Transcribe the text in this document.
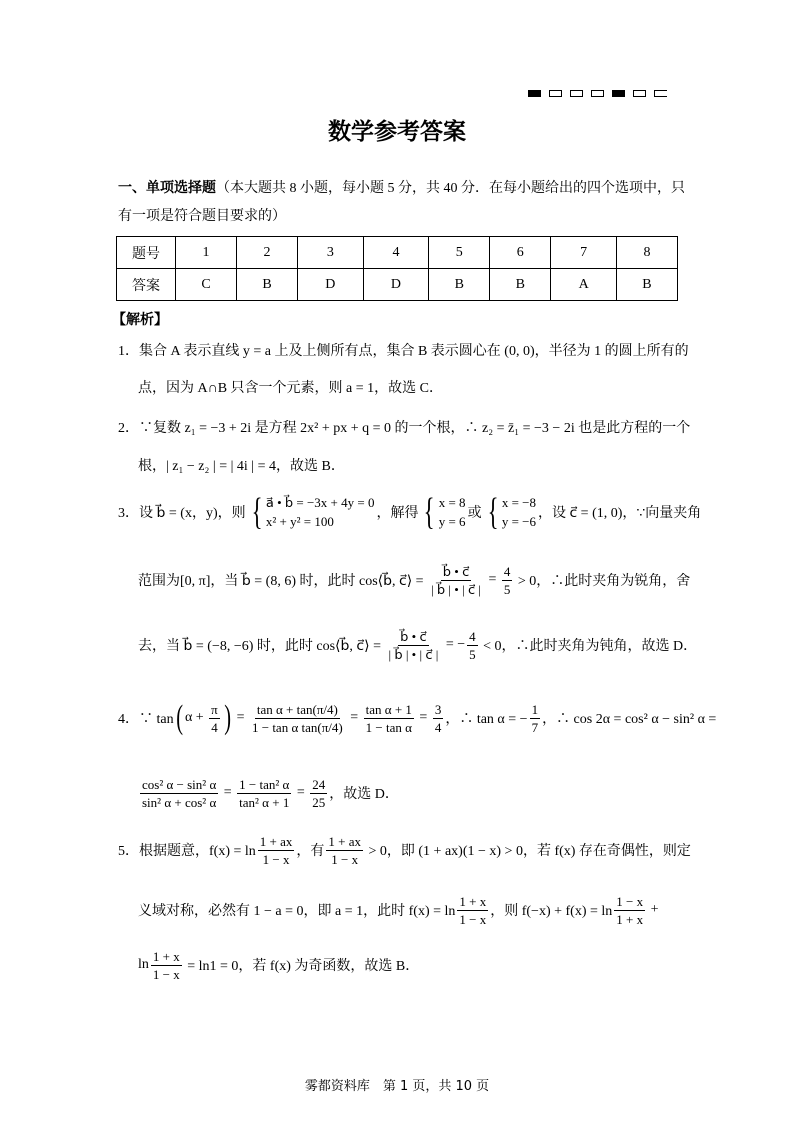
数学参考答案
一、单项选择题（本大题共 8 小题，每小题 5 分，共 40 分．在每小题给出的四个选项中，只
有一项是符合题目要求的）
题号	1	2	3	4	5	6	7	8
答案	C	B	D	D	B	B	A	B
【解析】
1．集合 A 表示直线 y = a 上及上侧所有点，集合 B 表示圆心在 (0, 0)，半径为 1 的圆上所有的
点，因为 A∩B 只含一个元素，则 a = 1，故选 C．
2．∵复数 z₁ = −3 + 2i 是方程 2x² + px + q = 0 的一个根，∴ z₂ = z̄₁ = −3 − 2i 也是此方程的一个
根，| z₁ − z₂ | = | 4i | = 4，故选 B．
3．设 b⃗ = (x，y)，则 { a⃗ • b⃗ = −3x + 4y = 0
x² + y² = 100
，解得 { x = 8
y = 6
或 { x = −8
y = −6
，设 c⃗ = (1, 0)，∵向量夹角
范围为[0, π]，当 b⃗ = (8, 6) 时，此时 cos⟨b⃗, c⃗⟩ = $\frac{b⃗ • c⃗}{| b⃗ | • | c⃗ |} = \frac{4}{5} > 0$，∴此时夹角为锐角，舍
去，当 b⃗ = (−8, −6) 时，此时 cos⟨b⃗, c⃗⟩ = $\frac{b⃗ • c⃗}{| b⃗ | • | c⃗ |}$ = − $\frac{4}{5} < 0$，∴此时夹角为钝角，故选 D．
4．∵ tan ( $\alpha + \frac{\pi}{4}$ ) = $\frac{\text{tan α + tan(π/4)}}{\text{1 − tan α tan(π/4)}} = \frac{\text{tan α + 1}}{\text{1 − tan α}} = \frac{3}{4}$ ，∴ tan α = − $\frac{1}{7}$ ，∴ cos 2α = cos² α − sin² α =
$\frac{\text{cos² α − sin² α}}{\text{sin² α + cos² α}} = \frac{\text{1 − tan² α}}{\text{tan² α + 1}} = \frac{24}{25}$ ，故选 D．
5．根据题意，$f(x) = \ln \frac{1 + ax}{1 - x}$ ，有 $\frac{1 + ax}{1 - x} > 0$，即 (1 + ax)(1 − x) > 0，若 f(x) 存在奇偶性，则定
义域对称，必然有 1 − a = 0，即 a = 1，此时 $f(x) = \ln \frac{1 + x}{1 - x}$ ，则 $f(-x) + f(x) = \ln \frac{1 - x}{1 + x}$ +
$\ln \frac{1 + x}{1 - x} = \ln 1 = 0$，若 f(x) 为奇函数，故选 B．
雾都资料库　第 1 页，共 10 页
